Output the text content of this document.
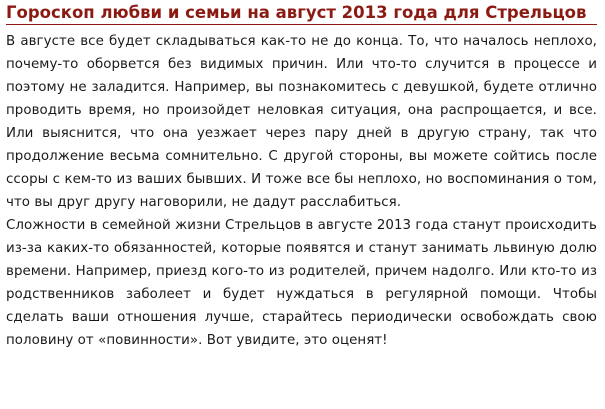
Гороскоп любви и семьи на август 2013 года для Стрельцов

В августе все будет складываться как-то не до конца. То, что началось неплохо, почему-то оборвется без видимых причин. Или что-то случится в процессе и поэтому не заладится. Например, вы познакомитесь с девушкой, будете отлично проводить время, но произойдет неловкая ситуация, она распрощается, и все. Или выяснится, что она уезжает через пару дней в другую страну, так что продолжение весьма сомнительно. С другой стороны, вы можете сойтись после ссоры с кем-то из ваших бывших. И тоже все бы неплохо, но воспоминания о том, что вы друг другу наговорили, не дадут расслабиться.

Сложности в семейной жизни Стрельцов в августе 2013 года станут происходить из-за каких-то обязанностей, которые появятся и станут занимать львиную долю времени. Например, приезд кого-то из родителей, причем надолго. Или кто-то из родственников заболеет и будет нуждаться в регулярной помощи. Чтобы сделать ваши отношения лучше, старайтесь периодически освобождать свою половину от «повинности». Вот увидите, это оценят!
